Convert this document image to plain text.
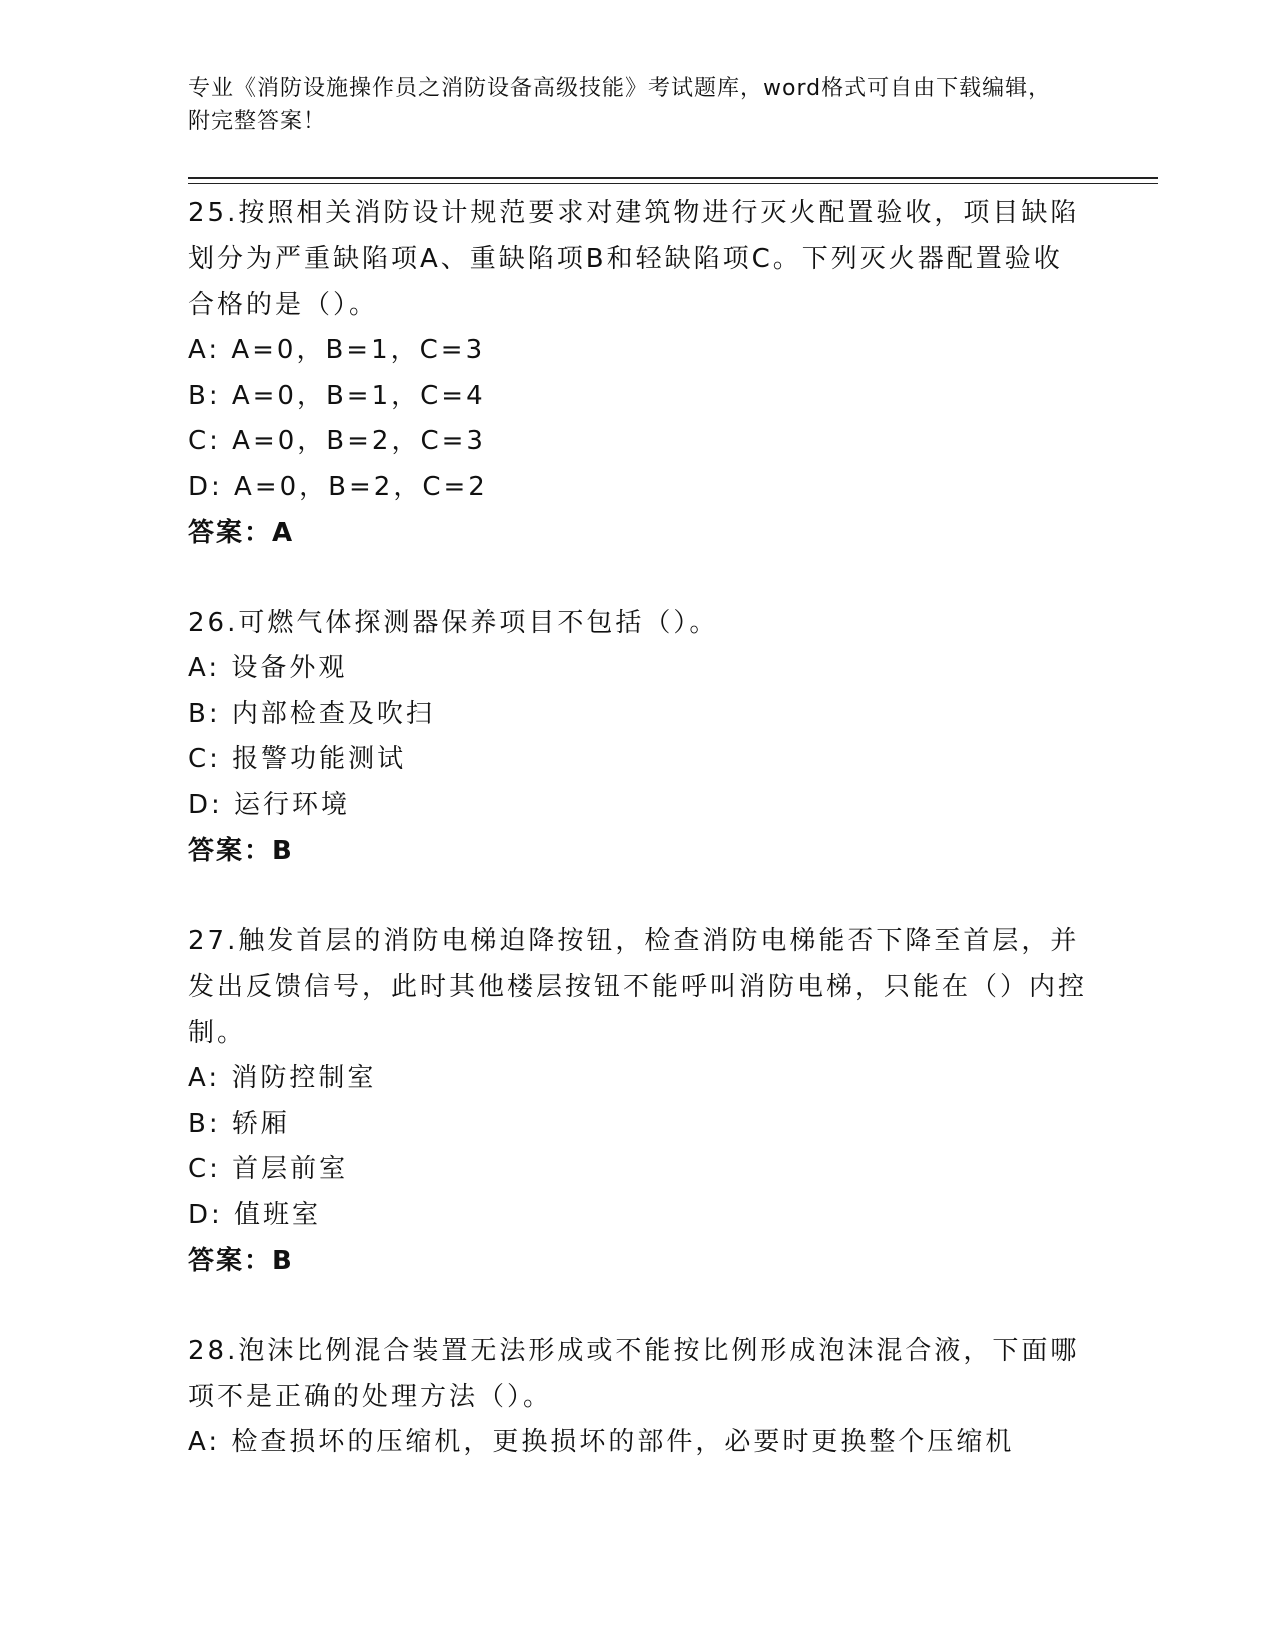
专业《消防设施操作员之消防设备高级技能》考试题库，word格式可自由下载编辑，附完整答案！

25.按照相关消防设计规范要求对建筑物进行灭火配置验收，项目缺陷划分为严重缺陷项A、重缺陷项B和轻缺陷项C。下列灭火器配置验收合格的是（）。

A: A=0，B=1，C=3

B: A=0，B=1，C=4

C: A=0，B=2，C=3

D: A=0，B=2，C=2

答案：A

26.可燃气体探测器保养项目不包括（）。

A: 设备外观

B: 内部检查及吹扫

C: 报警功能测试

D: 运行环境

答案：B

27.触发首层的消防电梯迫降按钮，检查消防电梯能否下降至首层，并发出反馈信号，此时其他楼层按钮不能呼叫消防电梯，只能在（）内控制。

A: 消防控制室

B: 轿厢

C: 首层前室

D: 值班室

答案：B

28.泡沫比例混合装置无法形成或不能按比例形成泡沫混合液，下面哪项不是正确的处理方法（）。

A: 检查损坏的压缩机，更换损坏的部件，必要时更换整个压缩机
